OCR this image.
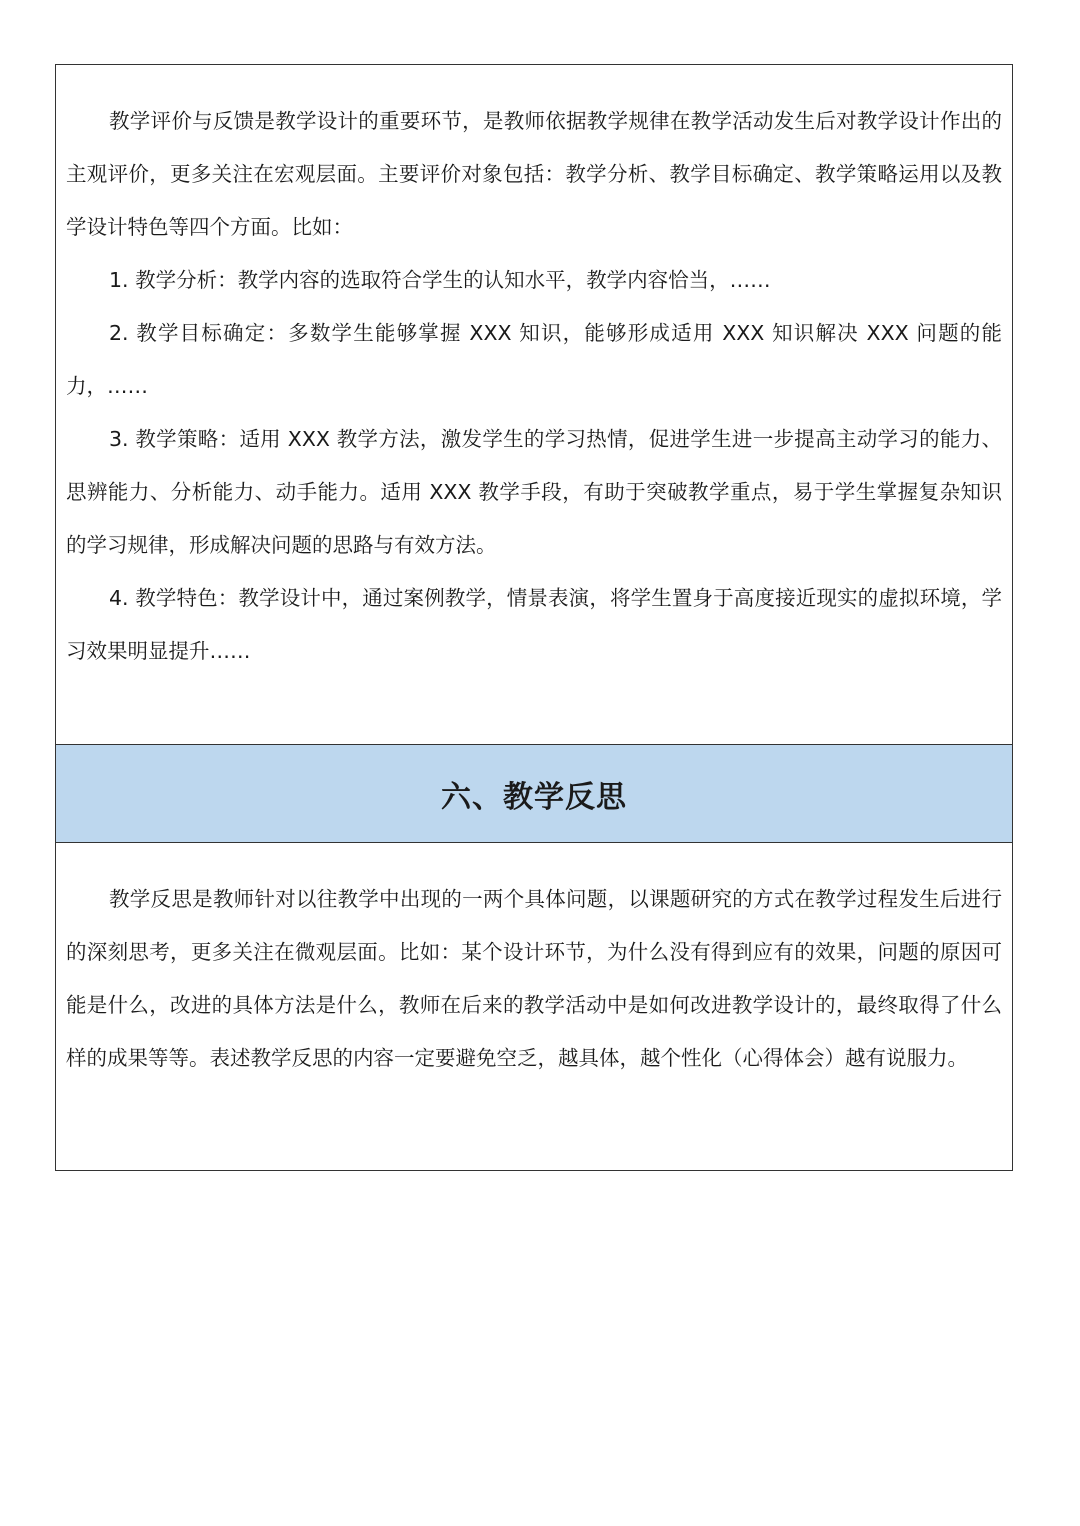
教学评价与反馈是教学设计的重要环节，是教师依据教学规律在教学活动发生后对教学设计作出的主观评价，更多关注在宏观层面。主要评价对象包括：教学分析、教学目标确定、教学策略运用以及教学设计特色等四个方面。比如：

1. 教学分析：教学内容的选取符合学生的认知水平，教学内容恰当，……

2. 教学目标确定：多数学生能够掌握 XXX 知识，能够形成适用 XXX 知识解决 XXX 问题的能力，……

3. 教学策略：适用 XXX 教学方法，激发学生的学习热情，促进学生进一步提高主动学习的能力、思辨能力、分析能力、动手能力。适用 XXX 教学手段，有助于突破教学重点，易于学生掌握复杂知识的学习规律，形成解决问题的思路与有效方法。

4. 教学特色：教学设计中，通过案例教学，情景表演，将学生置身于高度接近现实的虚拟环境，学习效果明显提升……

六、教学反思

教学反思是教师针对以往教学中出现的一两个具体问题，以课题研究的方式在教学过程发生后进行的深刻思考，更多关注在微观层面。比如：某个设计环节，为什么没有得到应有的效果，问题的原因可能是什么，改进的具体方法是什么，教师在后来的教学活动中是如何改进教学设计的，最终取得了什么样的成果等等。表述教学反思的内容一定要避免空乏，越具体，越个性化（心得体会）越有说服力。
